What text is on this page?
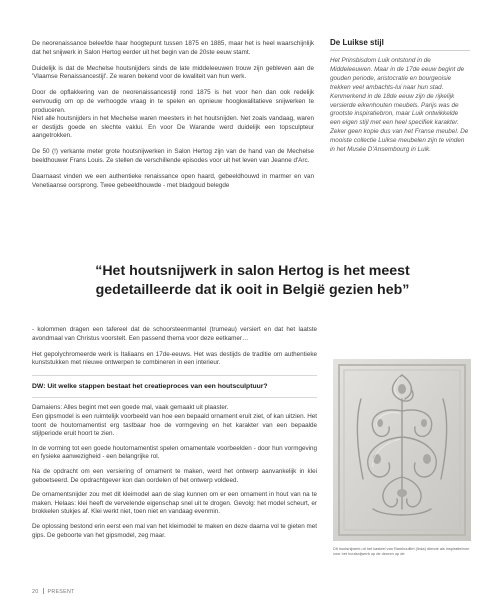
De neorenaissance beleefde haar hoogtepunt tussen 1875 en 1885, maar het is heel waarschijnlijk dat het snijwerk in Salon Hertog eerder uit het begin van de 20ste eeuw stamt.

Duidelijk is dat de Mechelse houtsnijders sinds de late middeleeuwen trouw zijn gebleven aan de 'Vlaamse Renaissancestijl'. Ze waren bekend voor de kwaliteit van hun werk.

Door de opflakkering van de neorenaissancestijl rond 1875 is het voor hen dan ook redelijk eenvoudig om op de verhoogde vraag in te spelen en opnieuw hoogkwalitatieve snijwerken te produceren.
Niet alle houtsnijders in het Mechelse waren meesters in het houtsnijden. Net zoals vandaag, waren er destijds goede en slechte vaklui. En voor De Warande werd duidelijk een topsculpteur aangetrokken.

De 50 (!) verkante meter grote houtsnijwerken in Salon Hertog zijn van de hand van de Mechelse beeldhouwer Frans Louis. Ze stellen de verschillende episodes voor uit het leven van Jeanne d'Arc.

Daarnaast vinden we een authentieke renaissance open haard, gebeeldhouwd in marmer en van Venetiaanse oorsprong. Twee gebeeldhouwde - met bladgoud belegde

De Luikse stijl

Het Prinsbisdom Luik ontstond in de Middeleeuwen. Maar in de 17de eeuw begint de gouden periode, aristocratie en bourgeoisie trekken veel ambachts-lui naar hun stad. Kenmerkend in de 18de eeuw zijn de rijkelijk versierde eikenhouten meubels. Parijs was de grootste inspiratiebron, maar Luik ontwikkelde een eigen stijl met een heel specifiek karakter. Zeker geen kopie dus van het Franse meubel. De mooiste collectie Luikse meubelen zijn te vinden in het Musée D'Ansembourg in Luik.

“Het houtsnijwerk in salon Hertog is het meest gedetailleerde dat ik ooit in België gezien heb”

- kolommen dragen een tafereel dat de schoorsteenmantel (trumeau) versiert en dat het laatste avondmaal van Christus voorstelt. Een passend thema voor deze eetkamer…

Het gepolychromeerde werk is Italiaans en 17de-eeuws. Het was destijds de traditie om authentieke kunststukken met nieuwe ontwerpen te combineren in een interieur.

DW: Uit welke stappen bestaat het creatieproces van een houtsculptuur?

Damaiens: Alles begint met een goede mal, vaak gemaakt uit plaaster.
Een gipsmodel is een ruimtelijk voorbeeld van hoe een bepaald ornament eruit ziet, of kan uitzien. Het toont de houtornamentist erg tastbaar hoe de vormgeving en het karakter van een bepaalde stijlperiode eruit hoort te zien.

In de vorming tot een goede houtornamentist spelen ornamentale voorbeelden - door hun vormgeving en fysieke aanwezigheid - een belangrijke rol.

Na de opdracht om een versiering of ornament te maken, werd het ontwerp aanvankelijk in klei geboetseerd. De opdrachtgever kon dan oordelen of het ontwerp voldeed.

De ornamentsnijder zou met dit kleimodel aan de slag kunnen om er een ornament in hout van na te maken. Helaas: klei heeft de vervelende eigenschap snel uit te drogen. Gevolg: het model scheurt, er brokkelen stukjes af. Klei werkt niet, toen niet en vandaag evenmin.

De oplossing bestond erin eerst een mal van het kleimodel te maken en deze daarna vol te gieten met gips. De geboorte van het gipsmodel, zeg maar.

Dit houtsnijwerk uit het kasteel van Rambouillet (links) diende als inspiratiebron voor het houtsnijwerk op de deuren op de

20 PRESENT
